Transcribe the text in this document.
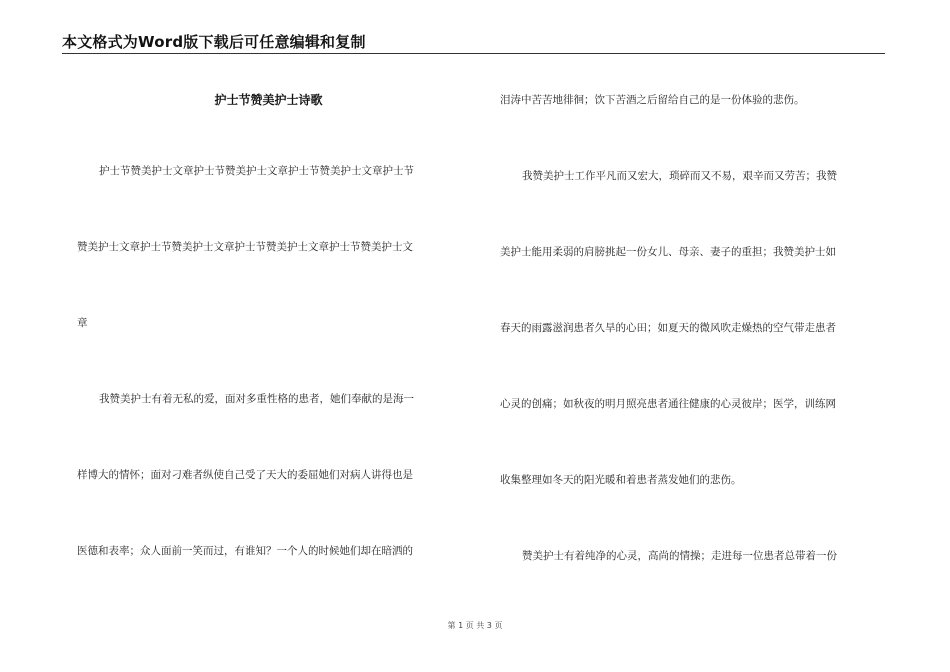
本文格式为Word版下载后可任意编辑和复制
护士节赞美护士诗歌
护士节赞美护士文章护士节赞美护士文章护士节赞美护士文章护士节
赞美护士文章护士节赞美护士文章护士节赞美护士文章护士节赞美护士文
章
我赞美护士有着无私的爱，面对多重性格的患者，她们奉献的是海一
样博大的情怀；面对刁难者纵使自己受了天大的委屈她们对病人讲得也是
医德和表率；众人面前一笑而过，有谁知？一个人的时候她们却在暗洒的
泪涛中苦苦地徘徊；饮下苦酒之后留给自己的是一份体验的悲伤。
我赞美护士工作平凡而又宏大，琐碎而又不易，艰辛而又劳苦；我赞
美护士能用柔弱的肩膀挑起一份女儿、母亲、妻子的重担；我赞美护士如
春天的雨露滋润患者久旱的心田；如夏天的微风吹走燥热的空气带走患者
心灵的创痛；如秋夜的明月照亮患者通往健康的心灵彼岸；医学，训练网
收集整理如冬天的阳光暖和着患者蒸发她们的悲伤。
赞美护士有着纯净的心灵，高尚的情操；走进每一位患者总带着一份
第 1 页 共 3 页
